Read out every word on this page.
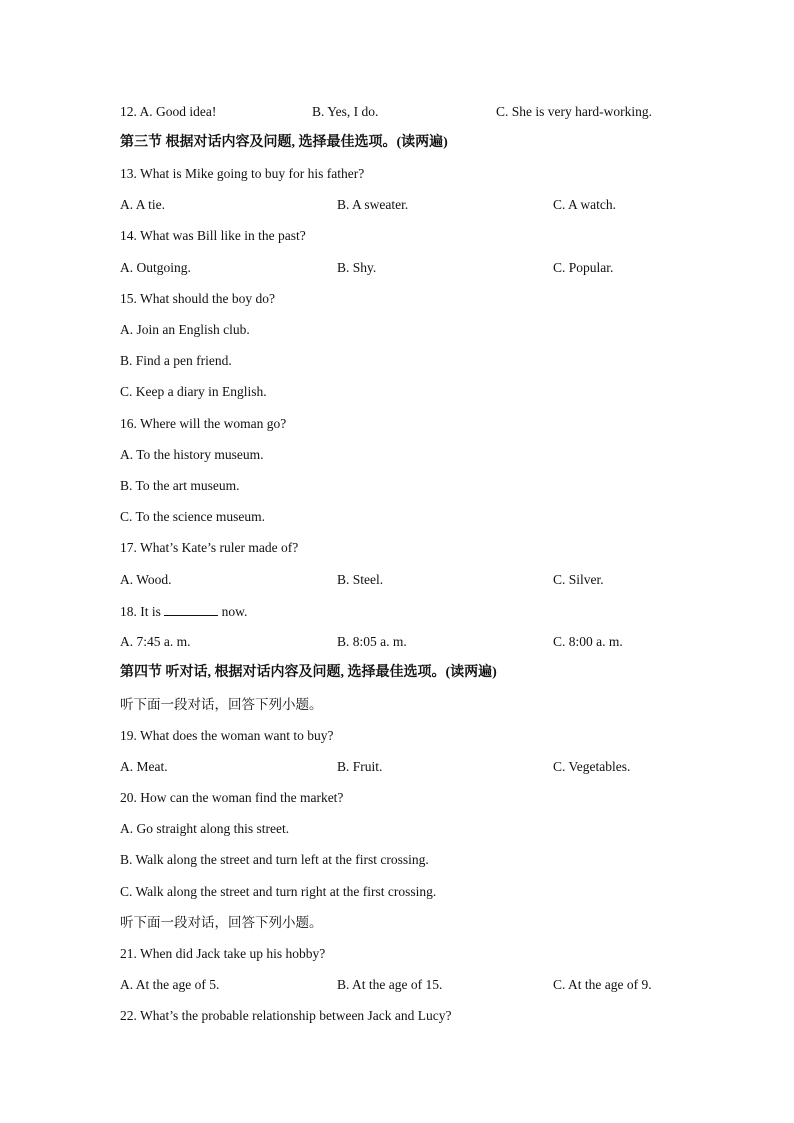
12. A. Good idea!	B. Yes, I do.	C. She is very hard-working.
第三节 根据对话内容及问题, 选择最佳选项。(读两遍)
13. What is Mike going to buy for his father?
A. A tie.	B. A sweater.	C. A watch.
14. What was Bill like in the past?
A. Outgoing.	B. Shy.	C. Popular.
15. What should the boy do?
A. Join an English club.
B. Find a pen friend.
C. Keep a diary in English.
16. Where will the woman go?
A. To the history museum.
B. To the art museum.
C. To the science museum.
17. What’s Kate’s ruler made of?
A. Wood.	B. Steel.	C. Silver.
18. It is	now.
A. 7:45 a. m.	B. 8:05 a. m.	C. 8:00 a. m.
第四节 听对话, 根据对话内容及问题, 选择最佳选项。(读两遍)
听下面一段对话，回答下列小题。
19. What does the woman want to buy?
A. Meat.	B. Fruit.	C. Vegetables.
20. How can the woman find the market?
A. Go straight along this street.
B. Walk along the street and turn left at the first crossing.
C. Walk along the street and turn right at the first crossing.
听下面一段对话，回答下列小题。
21. When did Jack take up his hobby?
A. At the age of 5.	B. At the age of 15.	C. At the age of 9.
22. What’s the probable relationship between Jack and Lucy?
